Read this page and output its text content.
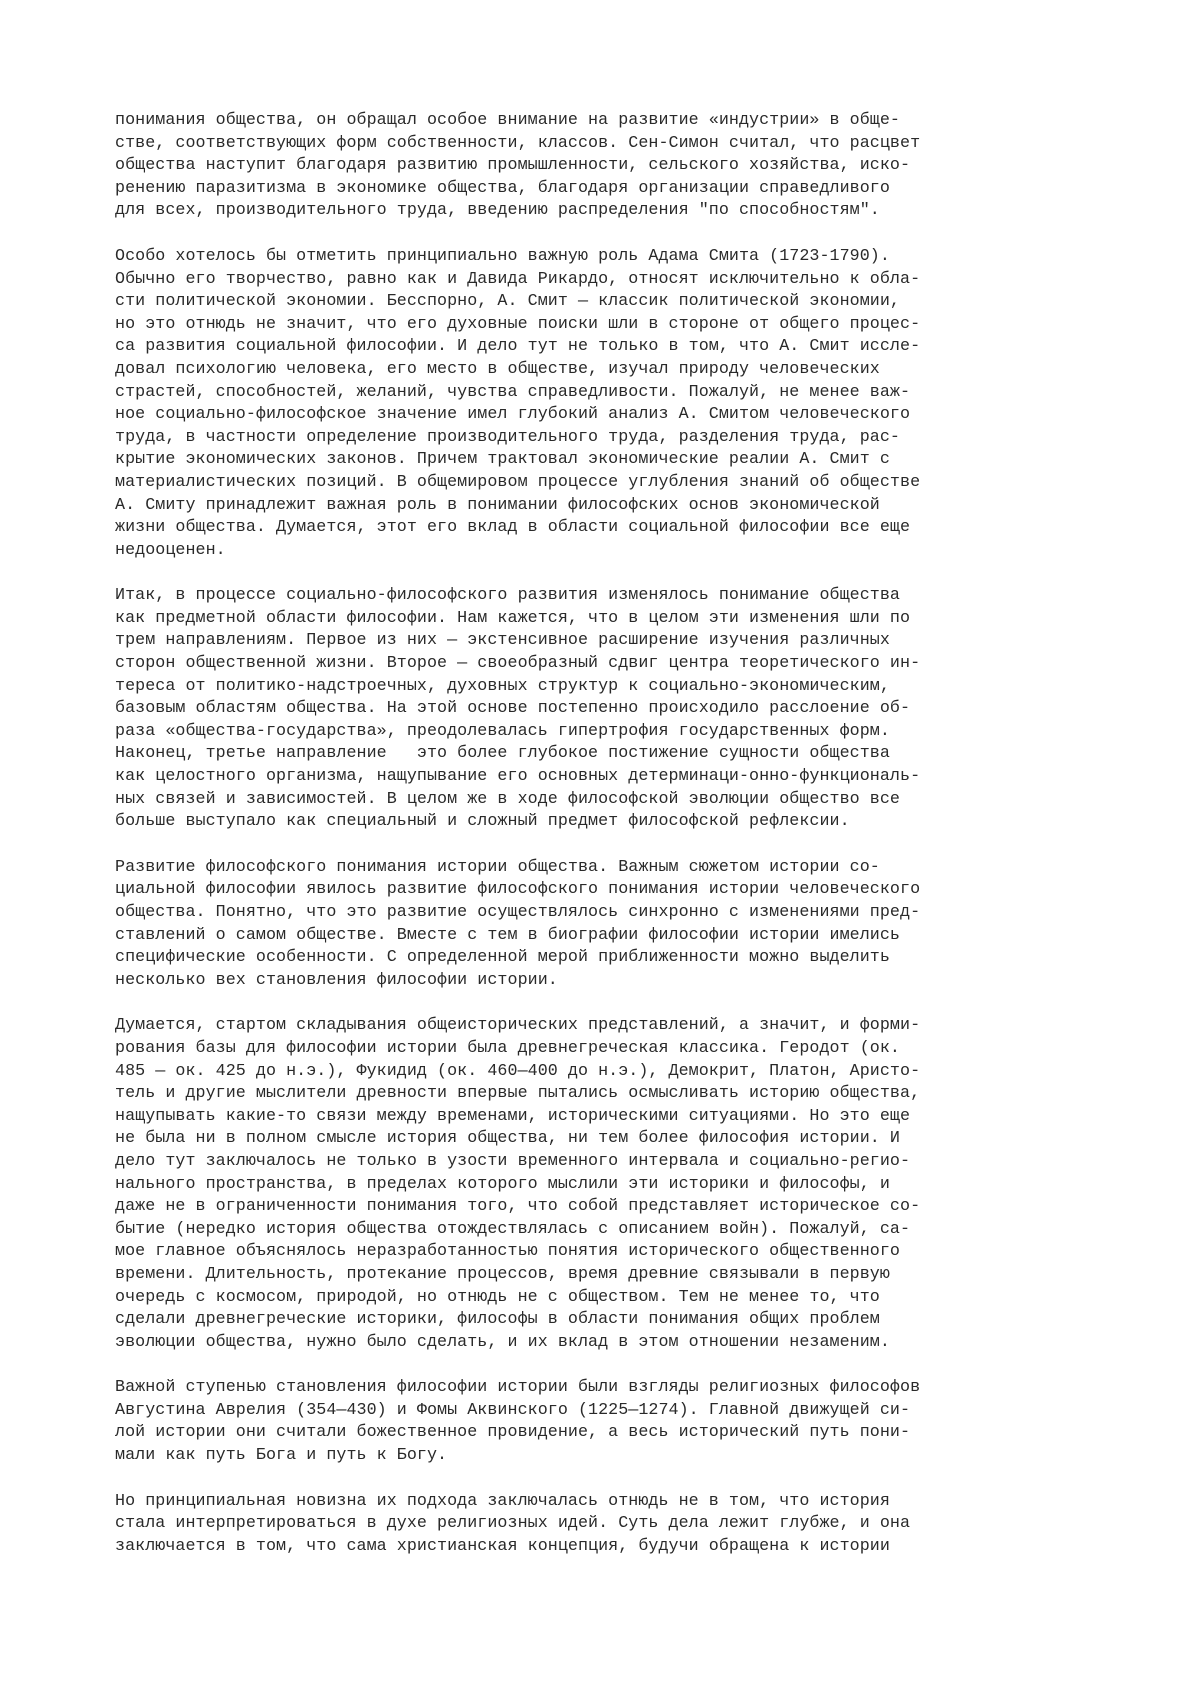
понимания общества, он обращал особое внимание на развитие «индустрии» в обще-
стве, соответствующих форм собственности, классов. Сен-Симон считал, что расцвет
общества наступит благодаря развитию промышленности, сельского хозяйства, иско-
ренению паразитизма в экономике общества, благодаря организации справедливого
для всех, производительного труда, введению распределения "по способностям".
Особо хотелось бы отметить принципиально важную роль Адама Смита (1723-1790).
Обычно его творчество, равно как и Давида Рикардо, относят исключительно к обла-
сти политической экономии. Бесспорно, А. Смит — классик политической экономии,
но это отнюдь не значит, что его духовные поиски шли в стороне от общего процес-
са развития социальной философии. И дело тут не только в том, что А. Смит иссле-
довал психологию человека, его место в обществе, изучал природу человеческих
страстей, способностей, желаний, чувства справедливости. Пожалуй, не менее важ-
ное социально-философское значение имел глубокий анализ А. Смитом человеческого
труда, в частности определение производительного труда, разделения труда, рас-
крытие экономических законов. Причем трактовал экономические реалии А. Смит с
материалистических позиций. В общемировом процессе углубления знаний об обществе
А. Смиту принадлежит важная роль в понимании философских основ экономической
жизни общества. Думается, этот его вклад в области социальной философии все еще
недооценен.
Итак, в процессе социально-философского развития изменялось понимание общества
как предметной области философии. Нам кажется, что в целом эти изменения шли по
трем направлениям. Первое из них — экстенсивное расширение изучения различных
сторон общественной жизни. Второе — своеобразный сдвиг центра теоретического ин-
тереса от политико-надстроечных, духовных структур к социально-экономическим,
базовым областям общества. На этой основе постепенно происходило расслоение об-
раза «общества-государства», преодолевалась гипертрофия государственных форм.
Наконец, третье направление   это более глубокое постижение сущности общества
как целостного организма, нащупывание его основных детерминаци-онно-функциональ-
ных связей и зависимостей. В целом же в ходе философской эволюции общество все
больше выступало как специальный и сложный предмет философской рефлексии.
Развитие философского понимания истории общества. Важным сюжетом истории со-
циальной философии явилось развитие философского понимания истории человеческого
общества. Понятно, что это развитие осуществлялось синхронно с изменениями пред-
ставлений о самом обществе. Вместе с тем в биографии философии истории имелись
специфические особенности. С определенной мерой приближенности можно выделить
несколько вех становления философии истории.
Думается, стартом складывания общеисторических представлений, а значит, и форми-
рования базы для философии истории была древнегреческая классика. Геродот (ок.
485 — ок. 425 до н.э.), Фукидид (ок. 460—400 до н.э.), Демокрит, Платон, Аристо-
тель и другие мыслители древности впервые пытались осмысливать историю общества,
нащупывать какие-то связи между временами, историческими ситуациями. Но это еще
не была ни в полном смысле история общества, ни тем более философия истории. И
дело тут заключалось не только в узости временного интервала и социально-регио-
нального пространства, в пределах которого мыслили эти историки и философы, и
даже не в ограниченности понимания того, что собой представляет историческое со-
бытие (нередко история общества отождествлялась с описанием войн). Пожалуй, са-
мое главное объяснялось неразработанностью понятия исторического общественного
времени. Длительность, протекание процессов, время древние связывали в первую
очередь с космосом, природой, но отнюдь не с обществом. Тем не менее то, что
сделали древнегреческие историки, философы в области понимания общих проблем
эволюции общества, нужно было сделать, и их вклад в этом отношении незаменим.
Важной ступенью становления философии истории были взгляды религиозных философов
Августина Аврелия (354—430) и Фомы Аквинского (1225—1274). Главной движущей си-
лой истории они считали божественное провидение, а весь исторический путь пони-
мали как путь Бога и путь к Богу.
Но принципиальная новизна их подхода заключалась отнюдь не в том, что история
стала интерпретироваться в духе религиозных идей. Суть дела лежит глубже, и она
заключается в том, что сама христианская концепция, будучи обращена к истории
